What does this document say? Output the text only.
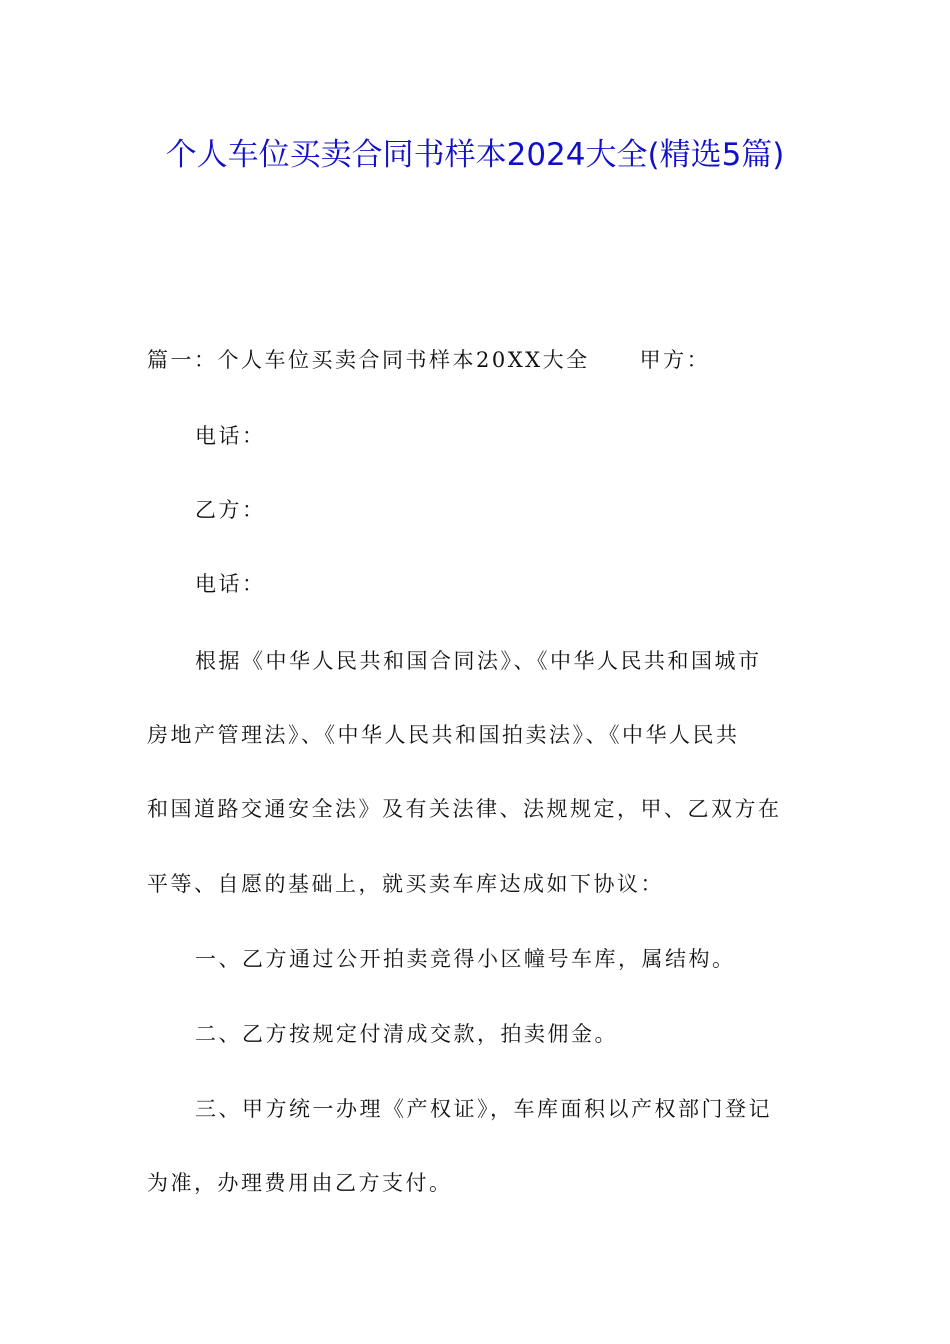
个人车位买卖合同书样本2024大全(精选5篇)

篇一：个人车位买卖合同书样本20XX大全 甲方：

电话：

乙方：

电话：

根据《中华人民共和国合同法》、《中华人民共和国城市

房地产管理法》、《中华人民共和国拍卖法》、《中华人民共

和国道路交通安全法》及有关法律、法规规定，甲、乙双方在

平等、自愿的基础上，就买卖车库达成如下协议：

一、乙方通过公开拍卖竞得小区幢号车库，属结构。

二、乙方按规定付清成交款，拍卖佣金。

三、甲方统一办理《产权证》，车库面积以产权部门登记

为准，办理费用由乙方支付。
